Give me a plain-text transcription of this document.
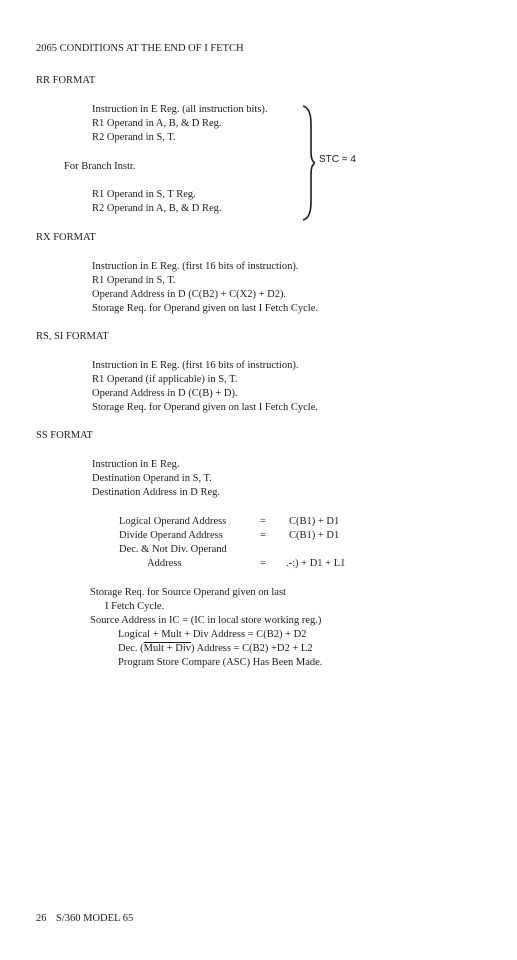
2065 CONDITIONS AT THE END OF I FETCH
RR FORMAT
Instruction in E Reg. (all instruction bits).
R1 Operand in A, B, & D Reg.
R2 Operand in S, T.
For Branch Instr.
R1 Operand in S, T Reg.
R2 Operand in A, B, & D Reg.
STC = 4
RX FORMAT
Instruction in E Reg. (first 16 bits of instruction).
R1 Operand in S, T.
Operand Address in D (C(B2) + C(X2) + D2).
Storage Req. for Operand given on last I Fetch Cycle.
RS, SI FORMAT
Instruction in E Reg. (first 16 bits of instruction).
R1 Operand (if applicable) in S, T.
Operand Address in D (C(B) + D).
Storage Req. for Operand given on last I Fetch Cycle.
SS FORMAT
Instruction in E Reg.
Destination Operand in S, T.
Destination Address in D Reg.
Logical Operand Address	= C(B1) + D1
Divide Operand Address	= C(B1) + D1
Dec. & Not Div. Operand
Address	= .‐:) + D1 + L1
Storage Req. for Source Operand given on last
I Fetch Cycle.
Source Address in IC = (IC in local store working reg.)
Logical + Mult + Div Address = C(B2) + D2
Dec. (Mult + Div) Address = C(B2) +D2 + L2
Program Store Compare (ASC) Has Been Made.
26 S/360 MODEL 65
